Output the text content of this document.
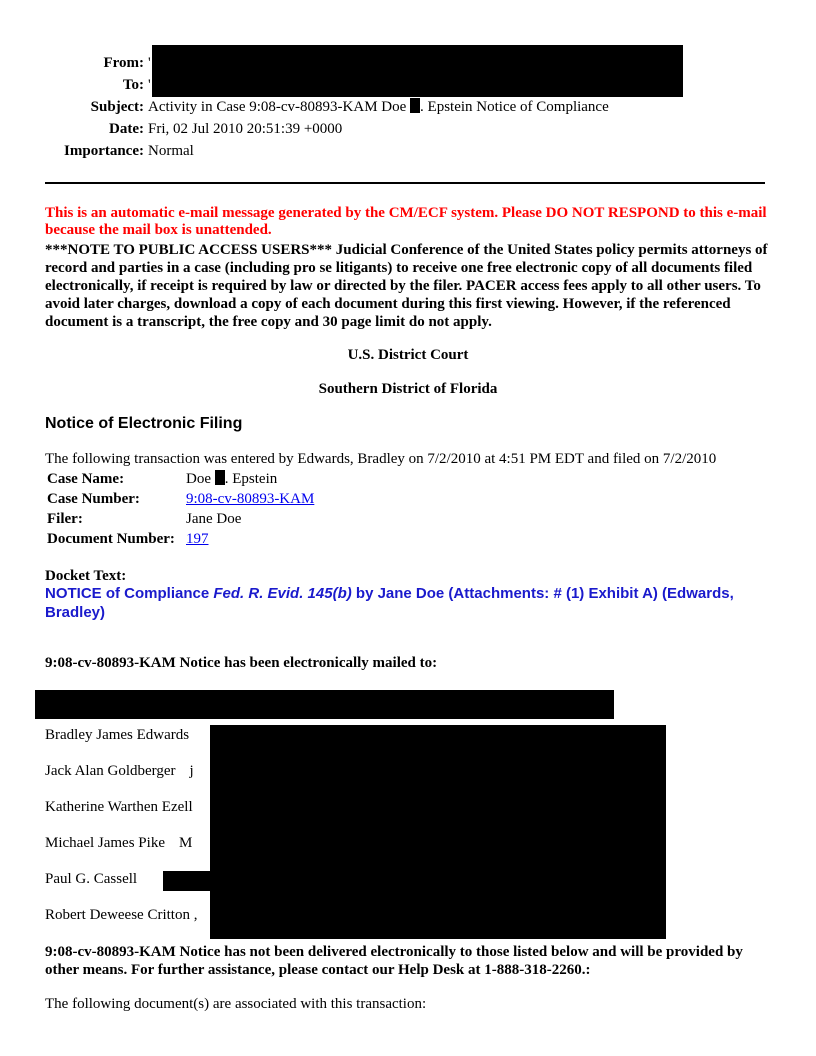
From: '
To: '
Subject: Activity in Case 9:08-cv-80893-KAM Doe . Epstein Notice of Compliance
Date: Fri, 02 Jul 2010 20:51:39 +0000
Importance: Normal
This is an automatic e-mail message generated by the CM/ECF system. Please DO NOT RESPOND to this e-mail because the mail box is unattended.
***NOTE TO PUBLIC ACCESS USERS*** Judicial Conference of the United States policy permits attorneys of record and parties in a case (including pro se litigants) to receive one free electronic copy of all documents filed electronically, if receipt is required by law or directed by the filer. PACER access fees apply to all other users. To avoid later charges, download a copy of each document during this first viewing. However, if the referenced document is a transcript, the free copy and 30 page limit do not apply.
U.S. District Court
Southern District of Florida
Notice of Electronic Filing
The following transaction was entered by Edwards, Bradley on 7/2/2010 at 4:51 PM EDT and filed on 7/2/2010
Case Name:	Doe . Epstein
Case Number:	9:08-cv-80893-KAM
Filer:	Jane Doe
Document Number:	197
Docket Text:
NOTICE of Compliance Fed. R. Evid. 145(b) by Jane Doe (Attachments: # (1) Exhibit A) (Edwards, Bradley)
9:08-cv-80893-KAM Notice has been electronically mailed to:
Bradley James Edwards
Jack Alan Goldberger j
Katherine Warthen Ezell
Michael James Pike M
Paul G. Cassell
Robert Deweese Critton ,
9:08-cv-80893-KAM Notice has not been delivered electronically to those listed below and will be provided by other means. For further assistance, please contact our Help Desk at 1-888-318-2260.:
The following document(s) are associated with this transaction:
